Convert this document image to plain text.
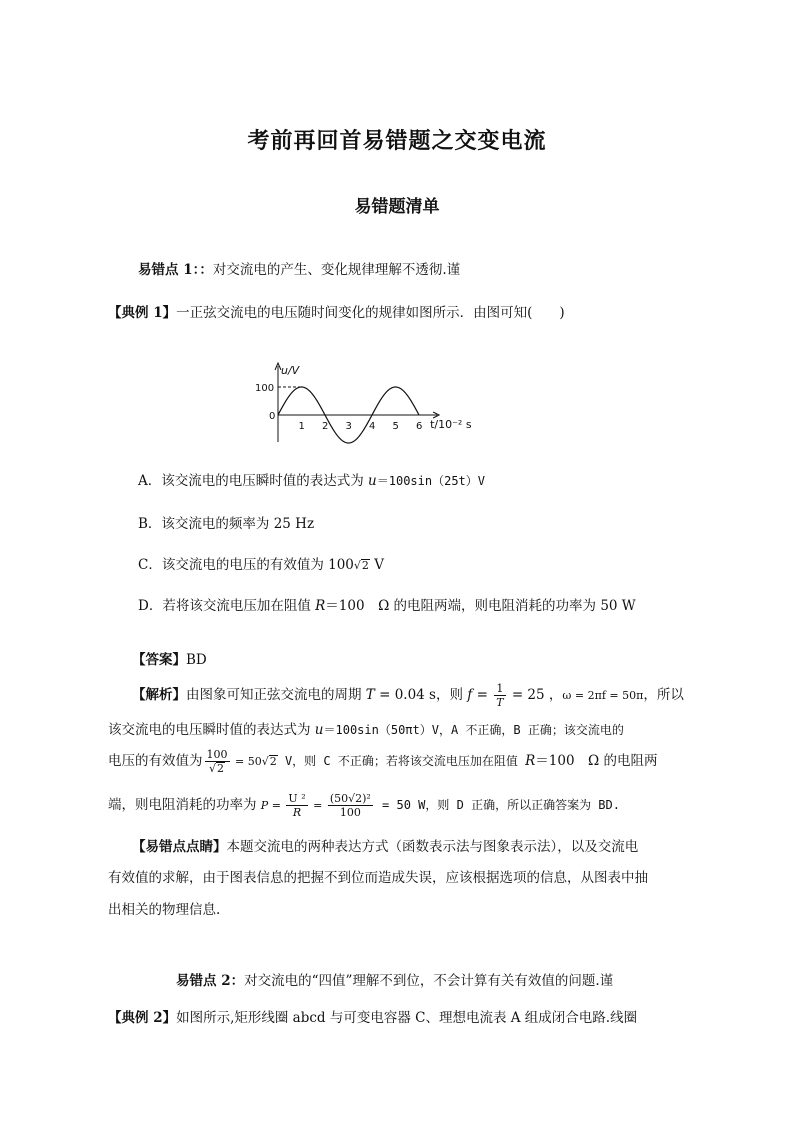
考前再回首易错题之交变电流
易错题清单
易错点 1：：对交流电的产生、变化规律理解不透彻.谨
【典例 1】一正弦交流电的电压随时间变化的规律如图所示．由图可知(　　)
1 2 3 4 5 6
100
0
u/V
t/10⁻² s
A．该交流电的电压瞬时值的表达式为 u＝100sin（25t）V
B．该交流电的频率为 25 Hz
C．该交流电的电压的有效值为 100√2 V
D．若将该交流电压加在阻值 R＝100　Ω 的电阻两端，则电阻消耗的功率为 50 W
【答案】BD
【解析】由图象可知正弦交流电的周期 T = 0.04 s，则 $f = \frac{1}{T} = 25$ ，ω = 2πf = 50π，所以
该交流电的电压瞬时值的表达式为 u＝100sin（50πt）V，A 不正确，B 正确；该交流电的
电压的有效值为 $\frac{100}{√2} = 50√2$ V，则 C 不正确；若将该交流电压加在阻值 R＝100　Ω 的电阻两
端，则电阻消耗的功率为 $P = \frac{\text{U ²}}{R} = \frac{\text{(50√2)²}}{100} = 50$ W，则 D 正确，所以正确答案为 BD.
【易错点点睛】本题交流电的两种表达方式（函数表示法与图象表示法），以及交流电
有效值的求解，由于图表信息的把握不到位而造成失误，应该根据选项的信息，从图表中抽
出相关的物理信息.
易错点 2：对交流电的“四值”理解不到位，不会计算有关有效值的问题.谨
【典例 2】如图所示,矩形线圈 abcd 与可变电容器 C、理想电流表 A 组成闭合电路.线圈
